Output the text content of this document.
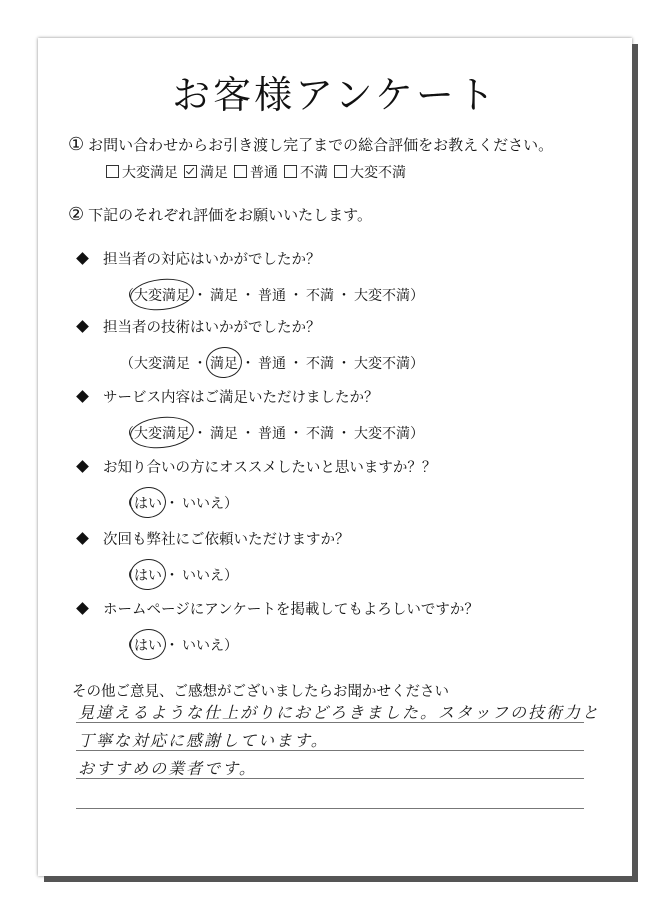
お客様アンケート
① お問い合わせからお引き渡し完了までの総合評価をお教えください。
大変満足 満足 普通 不満 大変不満
② 下記のそれぞれ評価をお願いいたします。
担当者の対応はいかがでしたか？
（大変満足 ・ 満足 ・ 普通 ・ 不満 ・ 大変不満）
担当者の技術はいかがでしたか？
（大変満足 ・ 満足 ・ 普通 ・ 不満 ・ 大変不満）
サービス内容はご満足いただけましたか？
（大変満足 ・ 満足 ・ 普通 ・ 不満 ・ 大変不満）
お知り合いの方にオススメしたいと思いますか？？
（はい ・ いいえ）
次回も弊社にご依頼いただけますか？
（はい ・ いいえ）
ホームページにアンケートを掲載してもよろしいですか？
（はい ・ いいえ）
その他ご意見、ご感想がございましたらお聞かせください
見違えるような仕上がりにおどろきました。スタッフの技術力と
丁寧な対応に感謝しています。
おすすめの業者です。
